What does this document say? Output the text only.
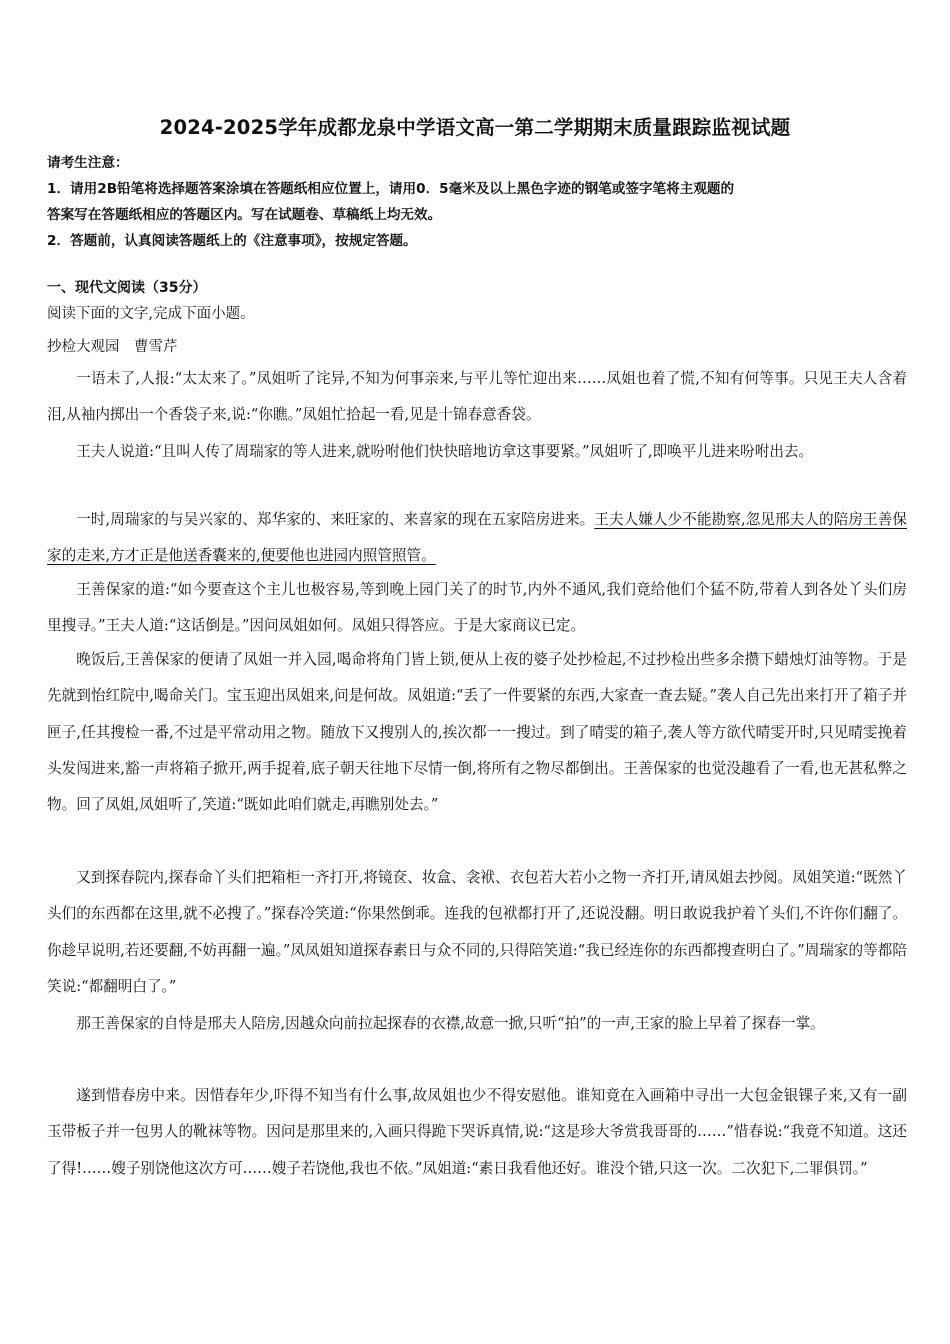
2024-2025学年成都龙泉中学语文高一第二学期期末质量跟踪监视试题
请考生注意：
1．请用2B铅笔将选择题答案涂填在答题纸相应位置上，请用0．5毫米及以上黑色字迹的钢笔或签字笔将主观题的
答案写在答题纸相应的答题区内。写在试题卷、草稿纸上均无效。
2．答题前，认真阅读答题纸上的《注意事项》，按规定答题。
一、现代文阅读（35分）
阅读下面的文字,完成下面小题。
抄检大观园　曹雪芹

一语未了,人报:“太太来了。”凤姐听了诧异,不知为何事亲来,与平儿等忙迎出来……凤姐也着了慌,不知有何等事。只见王夫人含着泪,从袖内掷出一个香袋子来,说:“你瞧。”凤姐忙拾起一看,见是十锦春意香袋。

王夫人说道:“且叫人传了周瑞家的等人进来,就吩咐他们快快暗地访拿这事要紧。”凤姐听了,即唤平儿进来吩咐出去。

一时,周瑞家的与吴兴家的、郑华家的、来旺家的、来喜家的现在五家陪房进来。王夫人嫌人少不能勘察,忽见邢夫人的陪房王善保家的走来,方才正是他送香囊来的,便要他也进园内照管照管。

王善保家的道:“如今要查这个主儿也极容易,等到晚上园门关了的时节,内外不通风,我们竟给他们个猛不防,带着人到各处丫头们房里搜寻。”王夫人道:“这话倒是。”因问凤姐如何。凤姐只得答应。于是大家商议已定。

晚饭后,王善保家的便请了凤姐一并入园,喝命将角门皆上锁,便从上夜的婆子处抄检起,不过抄检出些多余攒下蜡烛灯油等物。于是先就到怡红院中,喝命关门。宝玉迎出凤姐来,问是何故。凤姐道:“丢了一件要紧的东西,大家查一查去疑。”袭人自己先出来打开了箱子并匣子,任其搜检一番,不过是平常动用之物。随放下又搜别人的,挨次都一一搜过。到了晴雯的箱子,袭人等方欲代晴雯开时,只见晴雯挽着头发闯进来,豁一声将箱子掀开,两手捉着,底子朝天往地下尽情一倒,将所有之物尽都倒出。王善保家的也觉没趣看了一看,也无甚私弊之物。回了凤姐,凤姐听了,笑道:“既如此咱们就走,再瞧别处去。”

又到探春院内,探春命丫头们把箱柜一齐打开,将镜奁、妆盒、衾袱、衣包若大若小之物一齐打开,请凤姐去抄阅。凤姐笑道:“既然丫头们的东西都在这里,就不必搜了。”探春冷笑道:“你果然倒乖。连我的包袱都打开了,还说没翻。明日敢说我护着丫头们,不许你们翻了。你趁早说明,若还要翻,不妨再翻一遍。”凤凤姐知道探春素日与众不同的,只得陪笑道:“我已经连你的东西都搜查明白了。”周瑞家的等都陪笑说:“都翻明白了。”

那王善保家的自恃是邢夫人陪房,因越众向前拉起探春的衣襟,故意一掀,只听“拍”的一声,王家的脸上早着了探春一掌。

遂到惜春房中来。因惜春年少,吓得不知当有什么事,故凤姐也少不得安慰他。谁知竟在入画箱中寻出一大包金银锞子来,又有一副玉带板子并一包男人的靴袜等物。因问是那里来的,入画只得跪下哭诉真情,说:“这是珍大爷赏我哥哥的……”惜春说:“我竟不知道。这还了得!……嫂子别饶他这次方可……嫂子若饶他,我也不依。”凤姐道:“素日我看他还好。谁没个错,只这一次。二次犯下,二罪俱罚。”
